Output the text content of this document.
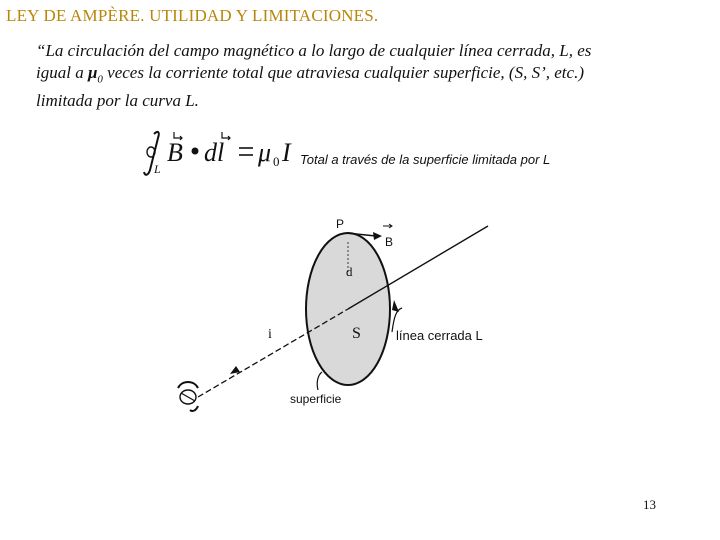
LEY DE AMPÈRE. UTILIDAD Y LIMITACIONES.
“La circulación del campo magnético a lo largo de cualquier línea cerrada, L, es
igual a $\mu_0$ veces la corriente total que atraviesa cualquier superficie, (S, S’, etc.)
limitada por la curva L.
L
B dl μ 0 I Total a través de la superficie limitada por L
P
B
d
i	S	línea cerrada L
superficie
13
